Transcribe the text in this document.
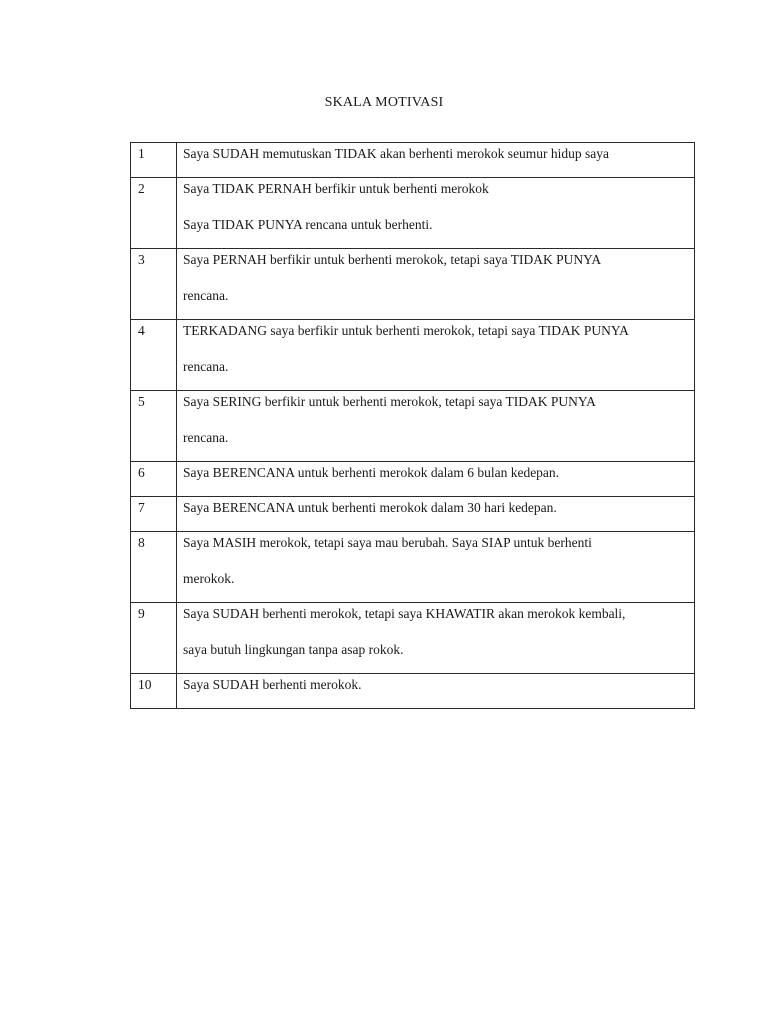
SKALA MOTIVASI
1	Saya SUDAH memutuskan TIDAK akan berhenti merokok seumur hidup saya

2	Saya TIDAK PERNAH berfikir untuk berhenti merokok
Saya TIDAK PUNYA rencana untuk berhenti.

3	Saya PERNAH berfikir untuk berhenti merokok, tetapi saya TIDAK PUNYA
rencana.

4	TERKADANG saya berfikir untuk berhenti merokok, tetapi saya TIDAK PUNYA
rencana.

5	Saya SERING berfikir untuk berhenti merokok, tetapi saya TIDAK PUNYA
rencana.

6	Saya BERENCANA untuk berhenti merokok dalam 6 bulan kedepan.

7	Saya BERENCANA untuk berhenti merokok dalam 30 hari kedepan.

8	Saya MASIH merokok, tetapi saya mau berubah. Saya SIAP untuk berhenti
merokok.

9	Saya SUDAH berhenti merokok, tetapi saya KHAWATIR akan merokok kembali,
saya butuh lingkungan tanpa asap rokok.

10	Saya SUDAH berhenti merokok.
